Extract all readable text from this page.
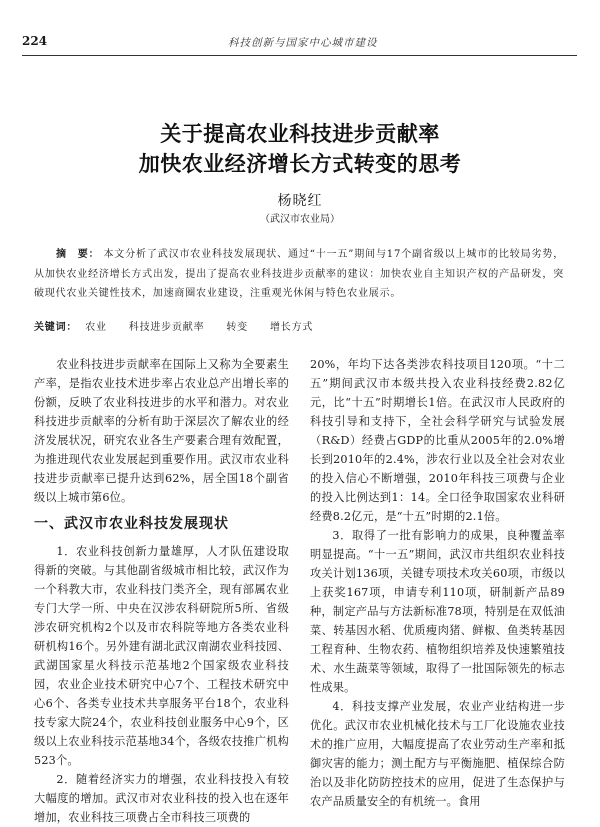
224	科技创新与国家中心城市建设
关于提高农业科技进步贡献率
加快农业经济增长方式转变的思考
杨晓红
（武汉市农业局）
摘　要： 本文分析了武汉市农业科技发展现状、通过“十一五”期间与17个副省级以上城市的比较局劣势，从加快农业经济增长方式出发，提出了提高农业科技进步贡献率的建议：加快农业自主知识产权的产品研发，突破现代农业关键性技术，加速商圈农业建设，注重观光休闲与特色农业展示。
关键词： 农业 科技进步贡献率 转变 增长方式

农业科技进步贡献率在国际上又称为全要素生产率，是指农业技术进步率占农业总产出增长率的份额，反映了农业科技进步的水平和潜力。对农业科技进步贡献率的分析有助于深层次了解农业的经济发展状况，研究农业各生产要素合理有效配置，为推进现代农业发展起到重要作用。武汉市农业科技进步贡献率已提升达到62%，居全国18个副省级以上城市第6位。

一、武汉市农业科技发展现状

1．农业科技创新力量雄厚，人才队伍建设取得新的突破。与其他副省级城市相比较，武汉作为一个科教大市，农业科技门类齐全，现有部属农业专门大学一所、中央在汉涉农科研院所5所、省级涉农研究机构2个以及市农科院等地方各类农业科研机构16个。另外建有湖北武汉南湖农业科技园、武湖国家星火科技示范基地2个国家级农业科技园，农业企业技术研究中心7个、工程技术研究中心6个、各类专业技术共享服务平台18个，农业科技专家大院24个，农业科技创业服务中心9个，区级以上农业科技示范基地34个，各级农技推广机构523个。

2．随着经济实力的增强，农业科技投入有较大幅度的增加。武汉市对农业科技的投入也在逐年增加，农业科技三项费占全市科技三项费的

20%，年均下达各类涉农科技项目120项。“十二五”期间武汉市本级共投入农业科技经费2.82亿元，比“十五”时期增长1倍。在武汉市人民政府的科技引导和支持下，全社会科学研究与试验发展（R&D）经费占GDP的比重从2005年的2.0%增长到2010年的2.4%，涉农行业以及全社会对农业的投入信心不断增强，2010年科技三项费与企业的投入比例达到1：14。全口径争取国家农业科研经费8.2亿元，是“十五”时期的2.1倍。

3．取得了一批有影响力的成果，良种覆盖率明显提高。“十一五”期间，武汉市共组织农业科技攻关计划136项，关键专项技术攻关60项，市级以上获奖167项，申请专利110项，研制新产品89种，制定产品与方法新标准78项，特别是在双低油菜、转基因水稻、优质瘦肉猪、鲜椒、鱼类转基因工程育种、生物农药、植物组织培养及快速繁殖技术、水生蔬菜等领域，取得了一批国际领先的标志性成果。

4．科技支撑产业发展，农业产业结构进一步优化。武汉市农业机械化技术与工厂化设施农业技术的推广应用，大幅度提高了农业劳动生产率和抵御灾害的能力；测土配方与平衡施肥、植保综合防治以及非化防防控技术的应用，促进了生态保护与农产品质量安全的有机统一。食用
